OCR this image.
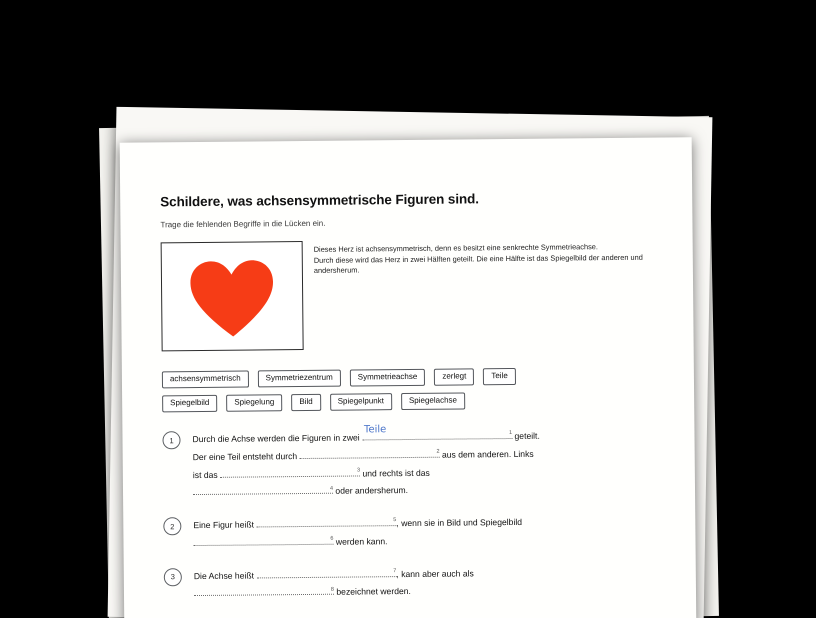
Schildere, was achsensymmetrische Figuren sind.

Trage die fehlenden Begriffe in die Lücken ein.

Dieses Herz ist achsensymmetrisch, denn es besitzt eine senkrechte Symmetrieachse.
Durch diese wird das Herz in zwei Hälften geteilt. Die eine Hälfte ist das Spiegelbild der anderen und andersherum.
achsensymmetrisch	Symmetriezentrum	Symmetrieachse	zerlegt	Teile
Spiegelbild	Spiegelung	Bild	Spiegelpunkt	Spiegelachse
1	Durch die Achse werden die Figuren in zwei
Teile	1 geteilt.
Der eine Teil entsteht durch	2 aus dem anderen. Links
ist das	3 und rechts ist das

4 oder andersherum.
2	Eine Figur heißt	5 , wenn sie in Bild und Spiegelbild

6 werden kann.
3	Die Achse heißt	7 , kann aber auch als

8 bezeichnet werden.
